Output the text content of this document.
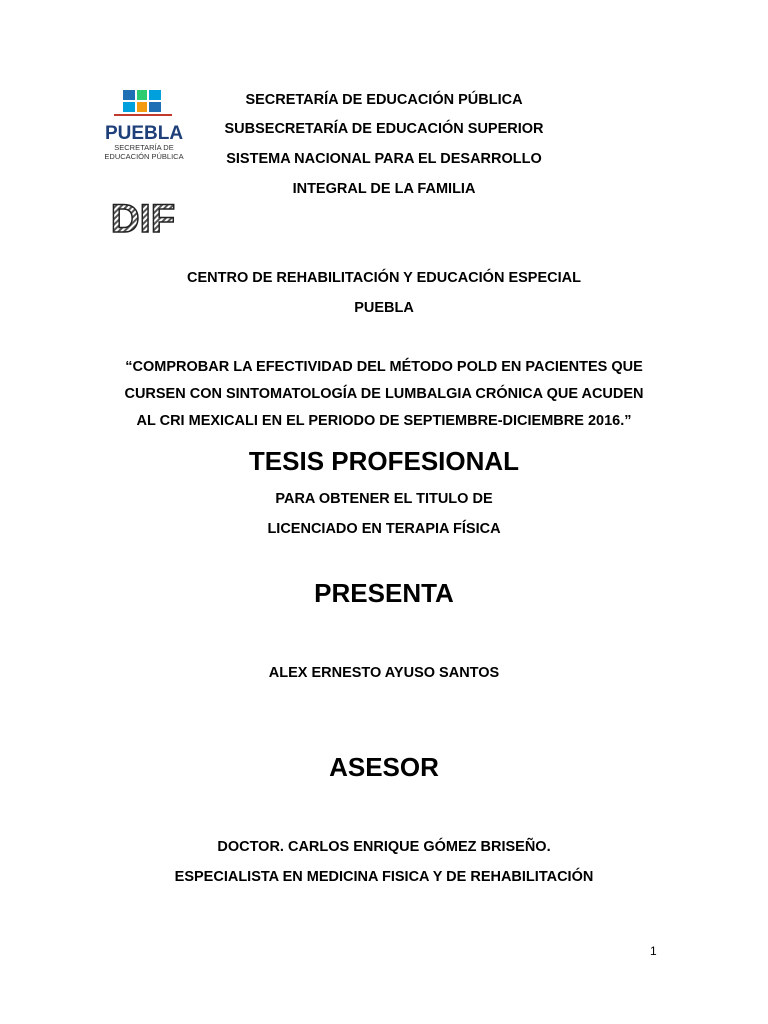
PUEBLA
SECRETARÍA DE
EDUCACIÓN PÚBLICA
DIF
SECRETARÍA DE EDUCACIÓN PÚBLICA
SUBSECRETARÍA DE EDUCACIÓN SUPERIOR
SISTEMA NACIONAL PARA EL DESARROLLO
INTEGRAL DE LA FAMILIA
CENTRO DE REHABILITACIÓN Y EDUCACIÓN ESPECIAL
PUEBLA
“COMPROBAR LA EFECTIVIDAD DEL MÉTODO POLD EN PACIENTES QUE
CURSEN CON SINTOMATOLOGÍA DE LUMBALGIA CRÓNICA QUE ACUDEN
AL CRI MEXICALI EN EL PERIODO DE SEPTIEMBRE-DICIEMBRE 2016.”
TESIS PROFESIONAL
PARA OBTENER EL TITULO DE
LICENCIADO EN TERAPIA FÍSICA
PRESENTA
ALEX ERNESTO AYUSO SANTOS
ASESOR
DOCTOR. CARLOS ENRIQUE GÓMEZ BRISEÑO.
ESPECIALISTA EN MEDICINA FISICA Y DE REHABILITACIÓN
1
